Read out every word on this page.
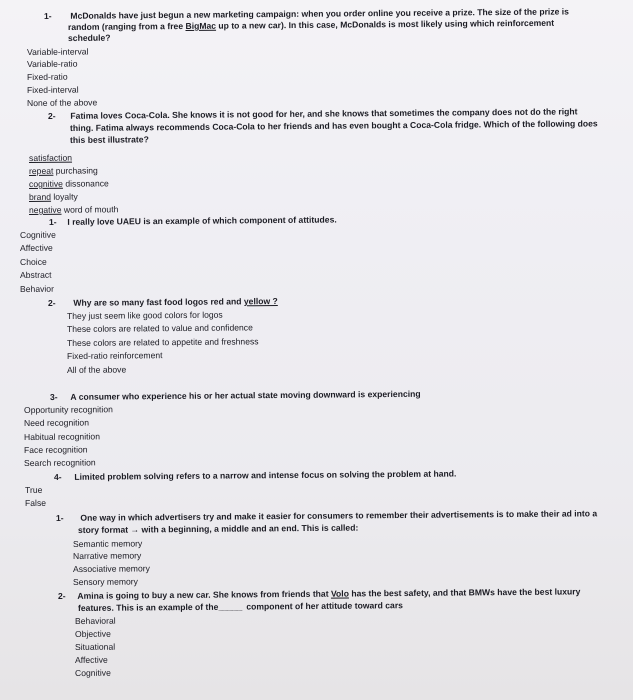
1- McDonalds have just begun a new marketing campaign: when you order online you receive a prize. The size of the prize is
random (ranging from a free BigMac up to a new car). In this case, McDonalds is most likely using which reinforcement
schedule?
Variable-interval
Variable-ratio
Fixed-ratio
Fixed-interval
None of the above
2- Fatima loves Coca-Cola. She knows it is not good for her, and she knows that sometimes the company does not do the right
thing. Fatima always recommends Coca-Cola to her friends and has even bought a Coca-Cola fridge. Which of the following does
this best illustrate?
satisfaction
repeat purchasing
cognitive dissonance
brand loyalty
negative word of mouth
1- I really love UAEU is an example of which component of attitudes.
Cognitive
Affective
Choice
Abstract
Behavior
2- Why are so many fast food logos red and yellow ?
They just seem like good colors for logos
These colors are related to value and confidence
These colors are related to appetite and freshness
Fixed-ratio reinforcement
All of the above
3- A consumer who experience his or her actual state moving downward is experiencing
Opportunity recognition
Need recognition
Habitual recognition
Face recognition
Search recognition
4- Limited problem solving refers to a narrow and intense focus on solving the problem at hand.
True
False
1- One way in which advertisers try and make it easier for consumers to remember their advertisements is to make their ad into a
story format → with a beginning, a middle and an end. This is called:
Semantic memory
Narrative memory
Associative memory
Sensory memory
2- Amina is going to buy a new car. She knows from friends that Volo has the best safety, and that BMWs have the best luxury
features. This is an example of the_____ component of her attitude toward cars
Behavioral
Objective
Situational
Affective
Cognitive
